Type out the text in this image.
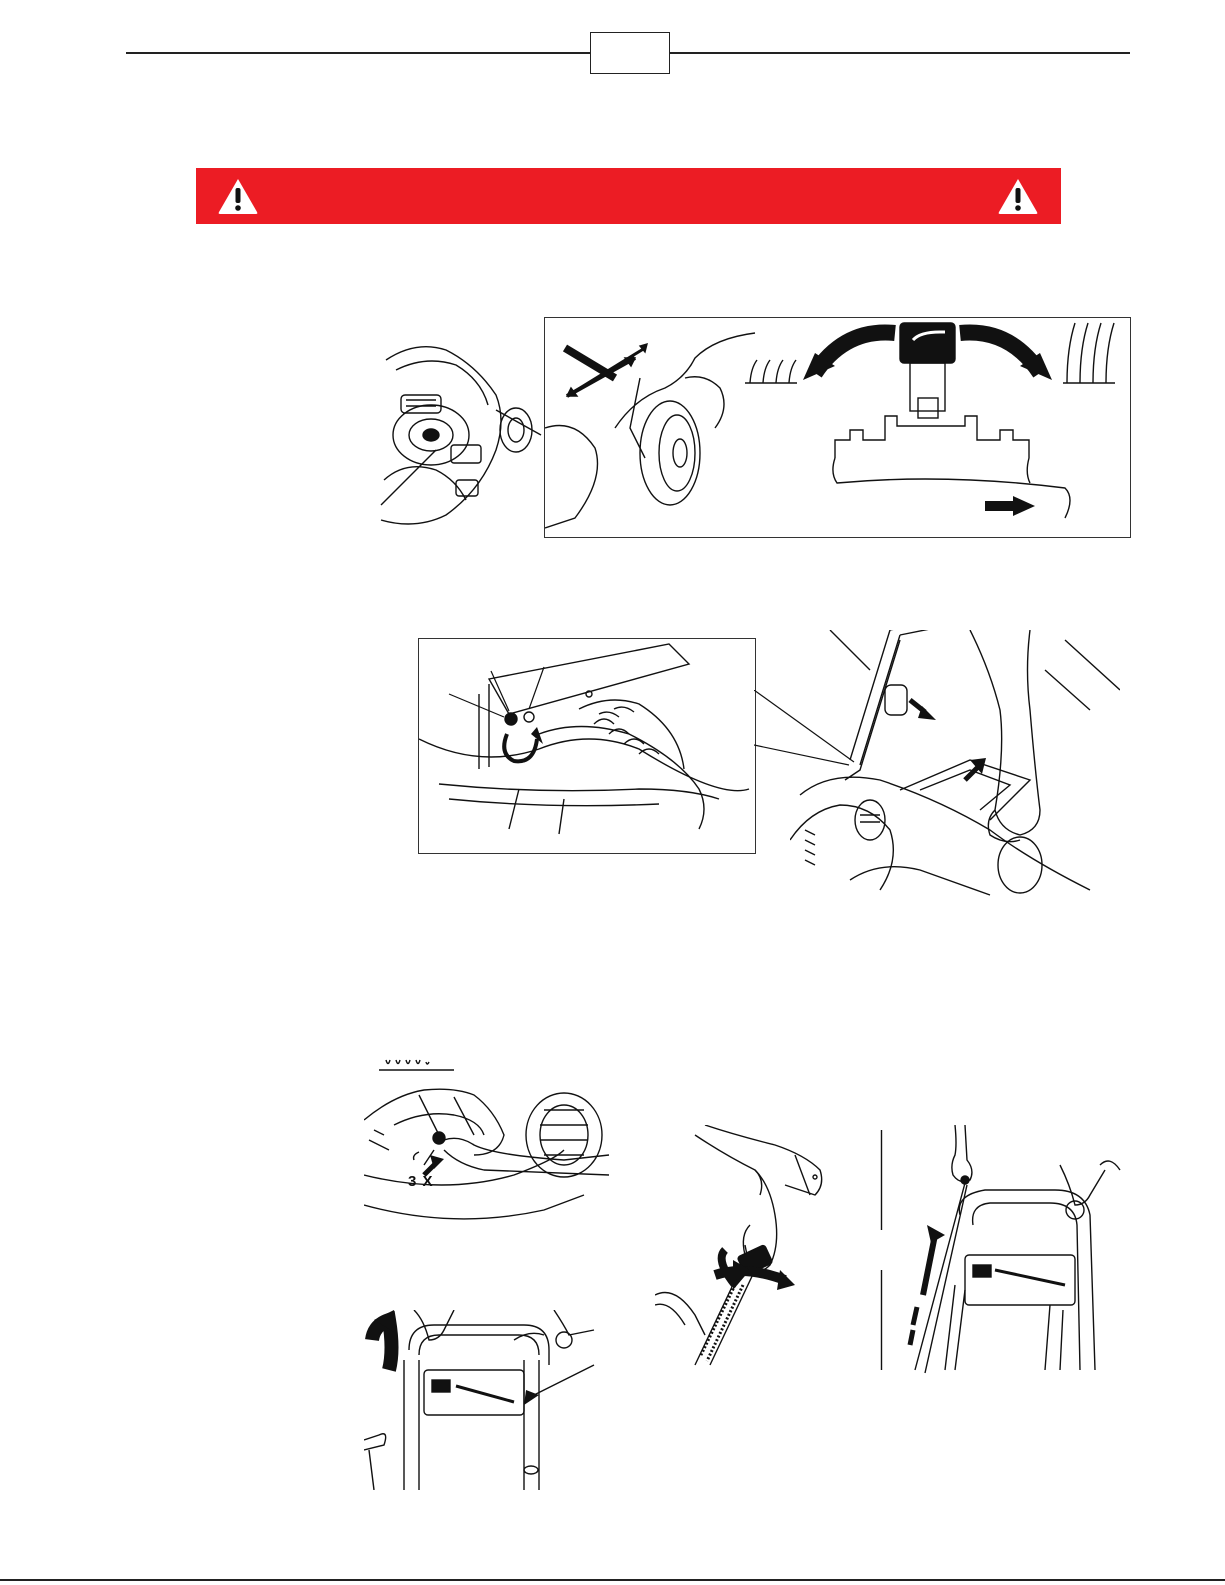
3 X
